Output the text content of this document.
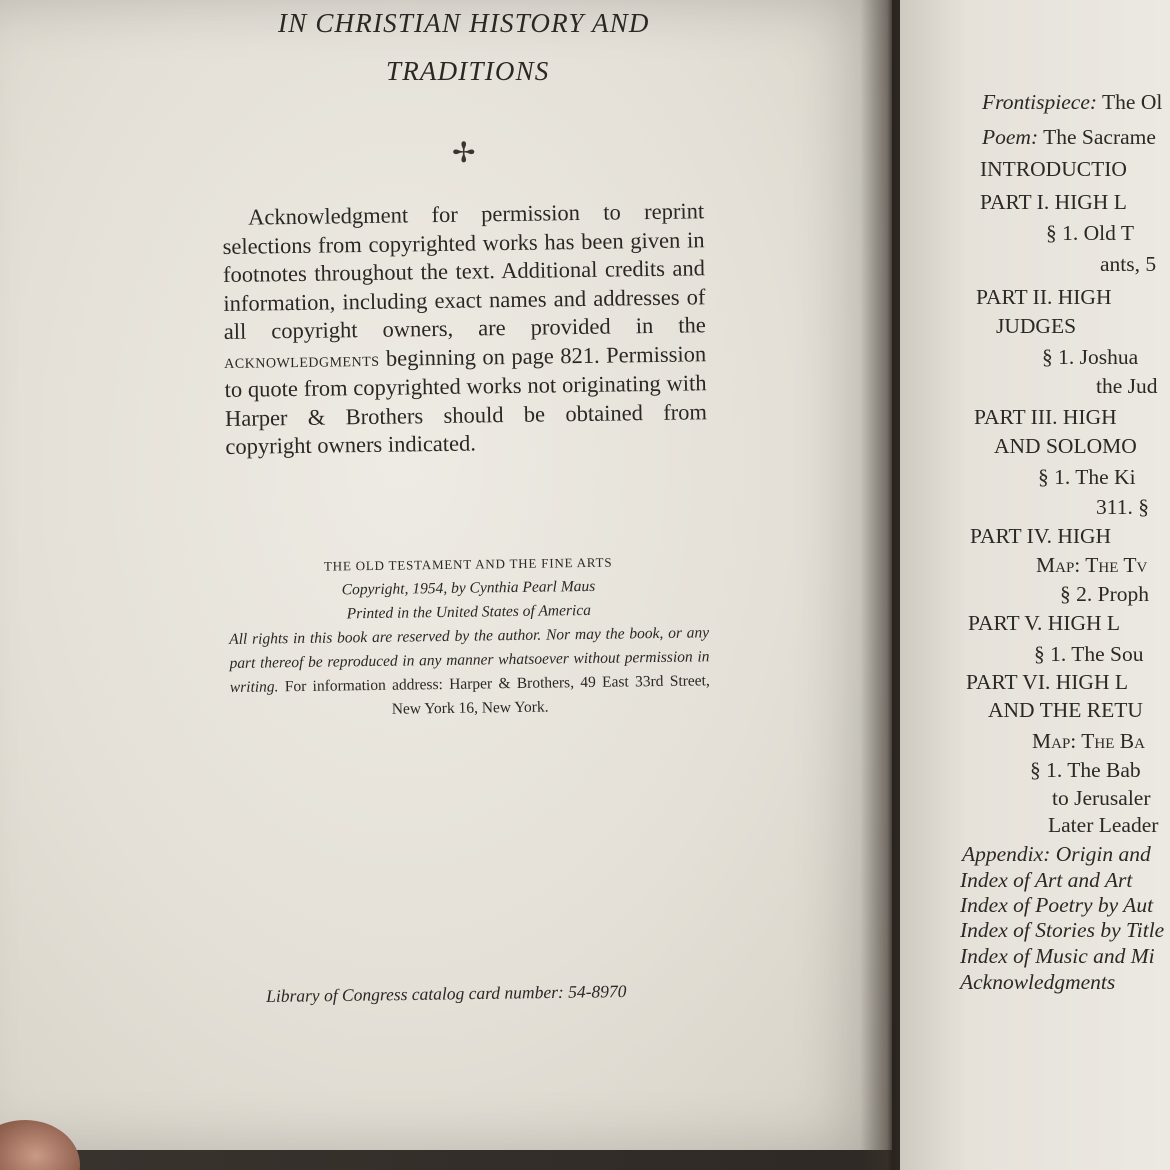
IN CHRISTIAN HISTORY AND
TRADITIONS
✢
Acknowledgment for permission to reprint selections from copyrighted works has been given in footnotes throughout the text. Additional credits and information, including exact names and addresses of all copyright owners, are provided in the acknowledgments beginning on page 821. Permission to quote from copyrighted works not originating with Harper & Brothers should be obtained from copyright owners indicated.
THE OLD TESTAMENT AND THE FINE ARTS
Copyright, 1954, by Cynthia Pearl Maus
Printed in the United States of America
All rights in this book are reserved by the author. Nor may the book, or any part thereof be reproduced in any manner whatsoever without permission in writing. For information address: Harper & Brothers, 49 East 33rd Street, New York 16, New York.
Library of Congress catalog card number: 54-8970
Frontispiece: The Ol
Poem: The Sacrame
INTRODUCTIO
PART I. HIGH L
§ 1. Old T
ants, 5
PART II. HIGH
JUDGES
§ 1. Joshua
the Jud
PART III. HIGH
AND SOLOMO
§ 1. The Ki
311. §
PART IV. HIGH
Map: The Tv
§ 2. Proph
PART V. HIGH L
§ 1. The Sou
PART VI. HIGH L
AND THE RETU
Map: The Ba
§ 1. The Bab
to Jerusaler
Later Leader
Appendix: Origin and
Index of Art and Art
Index of Poetry by Aut
Index of Stories by Title
Index of Music and Mi
Acknowledgments
